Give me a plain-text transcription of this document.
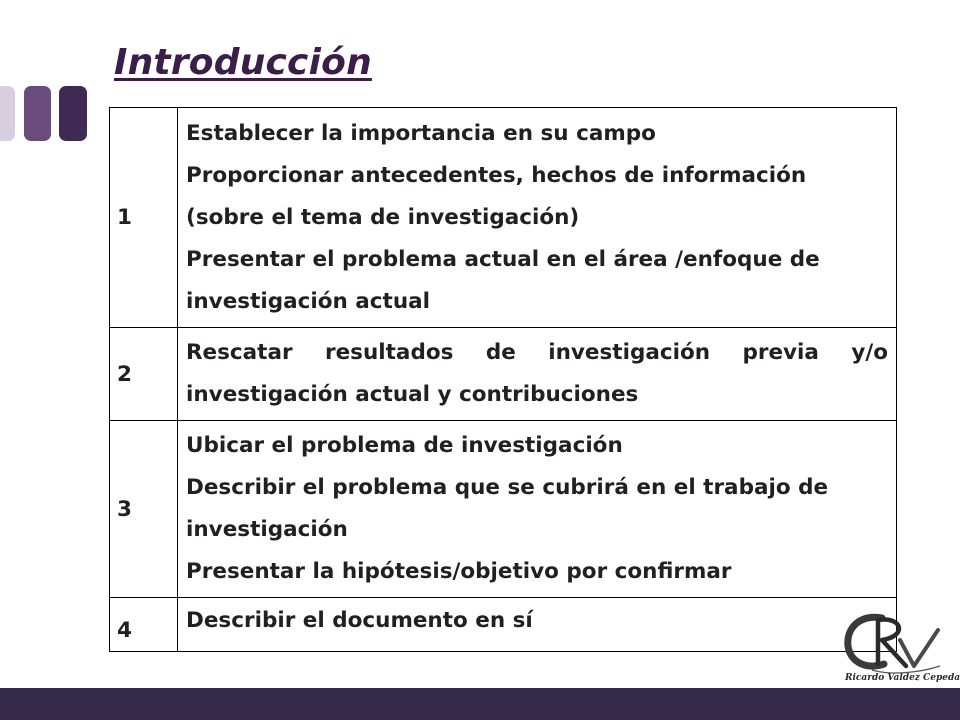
Introducción
1	Establecer la importancia en su campo
Proporcionar antecedentes, hechos de información
(sobre el tema de investigación)
Presentar el problema actual en el área /enfoque de
investigación actual

2	Rescatar resultados de investigación previa y/o
investigación actual y contribuciones

3	Ubicar el problema de investigación
Describir el problema que se cubrirá en el trabajo de
investigación
Presentar la hipótesis/objetivo por confirmar

4	Describir el documento en sí
Ricardo Valdez Cepeda
